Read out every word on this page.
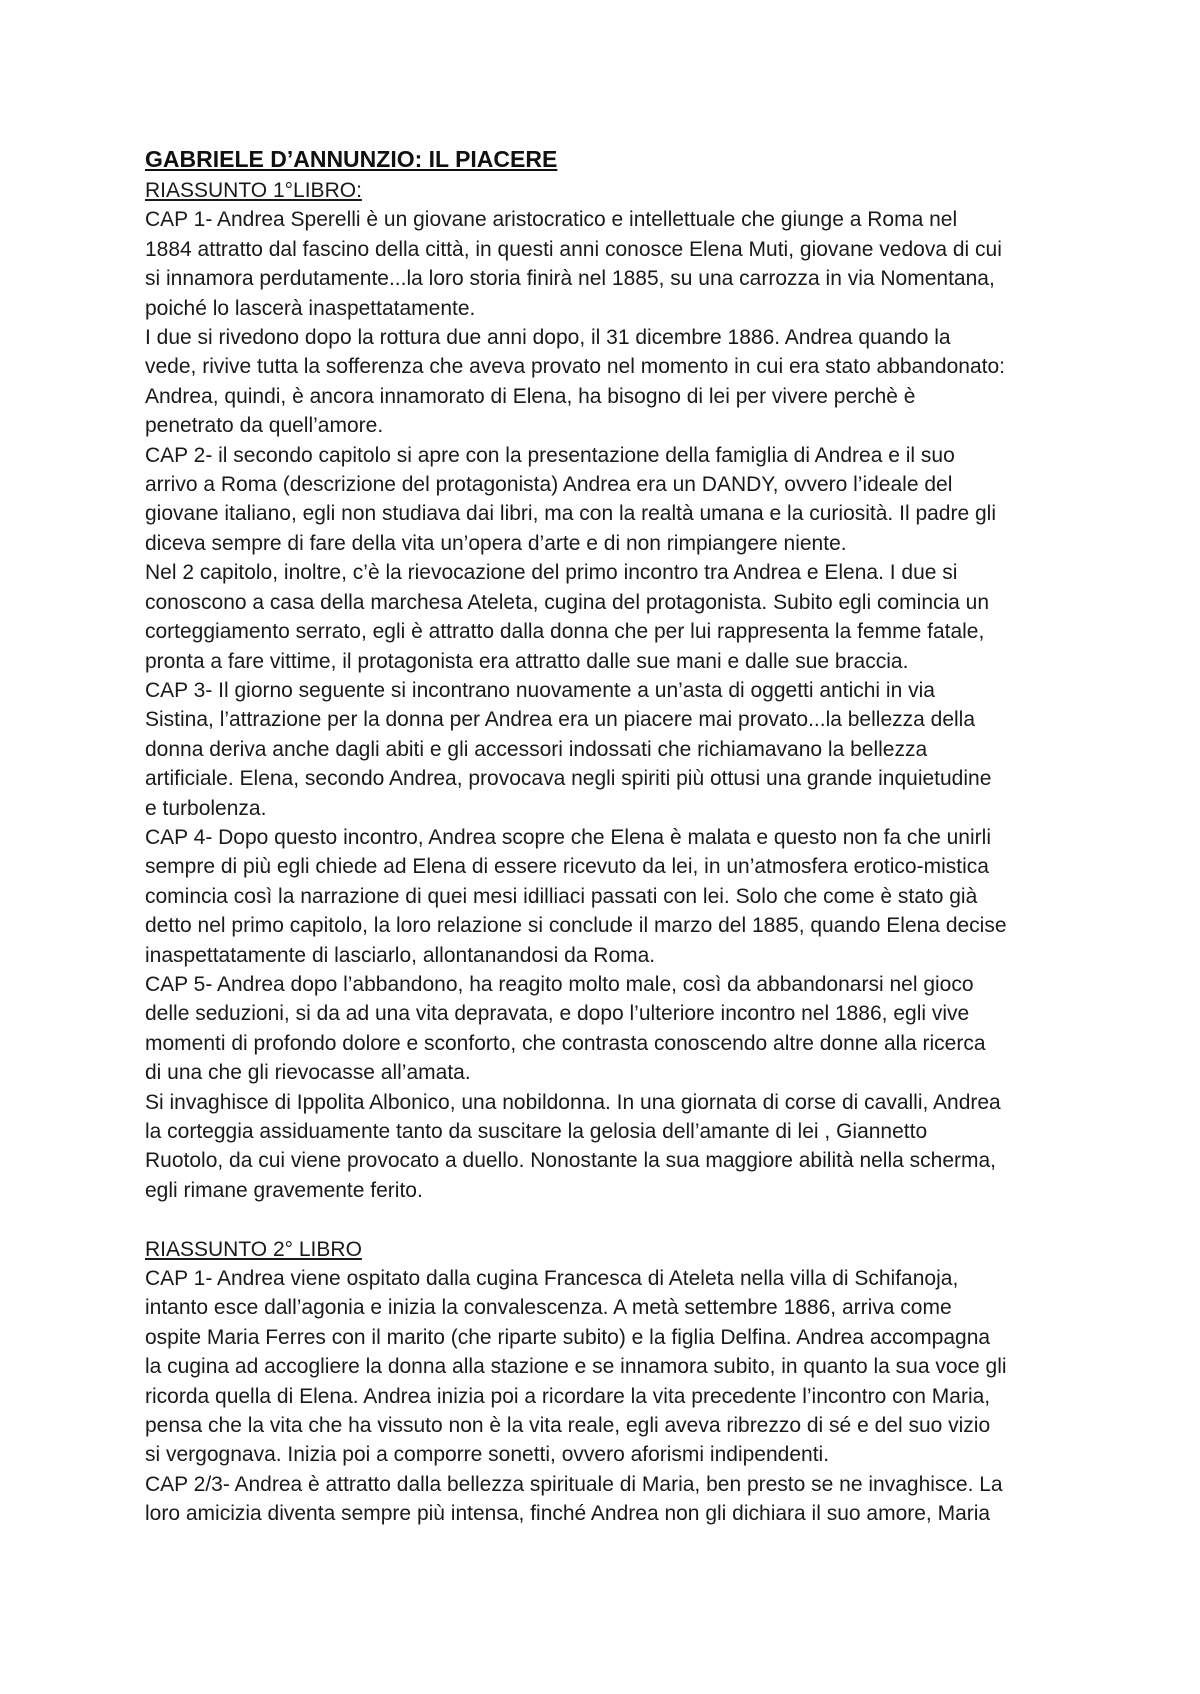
GABRIELE D’ANNUNZIO: IL PIACERE
RIASSUNTO 1°LIBRO:

CAP 1- Andrea Sperelli è un giovane aristocratico e intellettuale che giunge a Roma nel
1884 attratto dal fascino della città, in questi anni conosce Elena Muti, giovane vedova di cui
si innamora perdutamente...la loro storia finirà nel 1885, su una carrozza in via Nomentana,
poiché lo lascerà inaspettatamente.

I due si rivedono dopo la rottura due anni dopo, il 31 dicembre 1886. Andrea quando la
vede, rivive tutta la sofferenza che aveva provato nel momento in cui era stato abbandonato:
Andrea, quindi, è ancora innamorato di Elena, ha bisogno di lei per vivere perchè è
penetrato da quell’amore.

CAP 2- il secondo capitolo si apre con la presentazione della famiglia di Andrea e il suo
arrivo a Roma (descrizione del protagonista) Andrea era un DANDY, ovvero l’ideale del
giovane italiano, egli non studiava dai libri, ma con la realtà umana e la curiosità. Il padre gli
diceva sempre di fare della vita un’opera d’arte e di non rimpiangere niente.

Nel 2 capitolo, inoltre, c’è la rievocazione del primo incontro tra Andrea e Elena. I due si
conoscono a casa della marchesa Ateleta, cugina del protagonista. Subito egli comincia un
corteggiamento serrato, egli è attratto dalla donna che per lui rappresenta la femme fatale,
pronta a fare vittime, il protagonista era attratto dalle sue mani e dalle sue braccia.

CAP 3- Il giorno seguente si incontrano nuovamente a un’asta di oggetti antichi in via
Sistina, l’attrazione per la donna per Andrea era un piacere mai provato...la bellezza della
donna deriva anche dagli abiti e gli accessori indossati che richiamavano la bellezza
artificiale. Elena, secondo Andrea, provocava negli spiriti più ottusi una grande inquietudine
e turbolenza.

CAP 4- Dopo questo incontro, Andrea scopre che Elena è malata e questo non fa che unirli
sempre di più egli chiede ad Elena di essere ricevuto da lei, in un’atmosfera erotico-mistica
comincia così la narrazione di quei mesi idilliaci passati con lei. Solo che come è stato già
detto nel primo capitolo, la loro relazione si conclude il marzo del 1885, quando Elena decise
inaspettatamente di lasciarlo, allontanandosi da Roma.

CAP 5- Andrea dopo l’abbandono, ha reagito molto male, così da abbandonarsi nel gioco
delle seduzioni, si da ad una vita depravata, e dopo l’ulteriore incontro nel 1886, egli vive
momenti di profondo dolore e sconforto, che contrasta conoscendo altre donne alla ricerca
di una che gli rievocasse all’amata.

Si invaghisce di Ippolita Albonico, una nobildonna. In una giornata di corse di cavalli, Andrea
la corteggia assiduamente tanto da suscitare la gelosia dell’amante di lei , Giannetto
Ruotolo, da cui viene provocato a duello. Nonostante la sua maggiore abilità nella scherma,
egli rimane gravemente ferito.

RIASSUNTO 2° LIBRO

CAP 1- Andrea viene ospitato dalla cugina Francesca di Ateleta nella villa di Schifanoja,
intanto esce dall’agonia e inizia la convalescenza. A metà settembre 1886, arriva come
ospite Maria Ferres con il marito (che riparte subito) e la figlia Delfina. Andrea accompagna
la cugina ad accogliere la donna alla stazione e se innamora subito, in quanto la sua voce gli
ricorda quella di Elena. Andrea inizia poi a ricordare la vita precedente l’incontro con Maria,
pensa che la vita che ha vissuto non è la vita reale, egli aveva ribrezzo di sé e del suo vizio
si vergognava. Inizia poi a comporre sonetti, ovvero aforismi indipendenti.

CAP 2/3- Andrea è attratto dalla bellezza spirituale di Maria, ben presto se ne invaghisce. La
loro amicizia diventa sempre più intensa, finché Andrea non gli dichiara il suo amore, Maria
